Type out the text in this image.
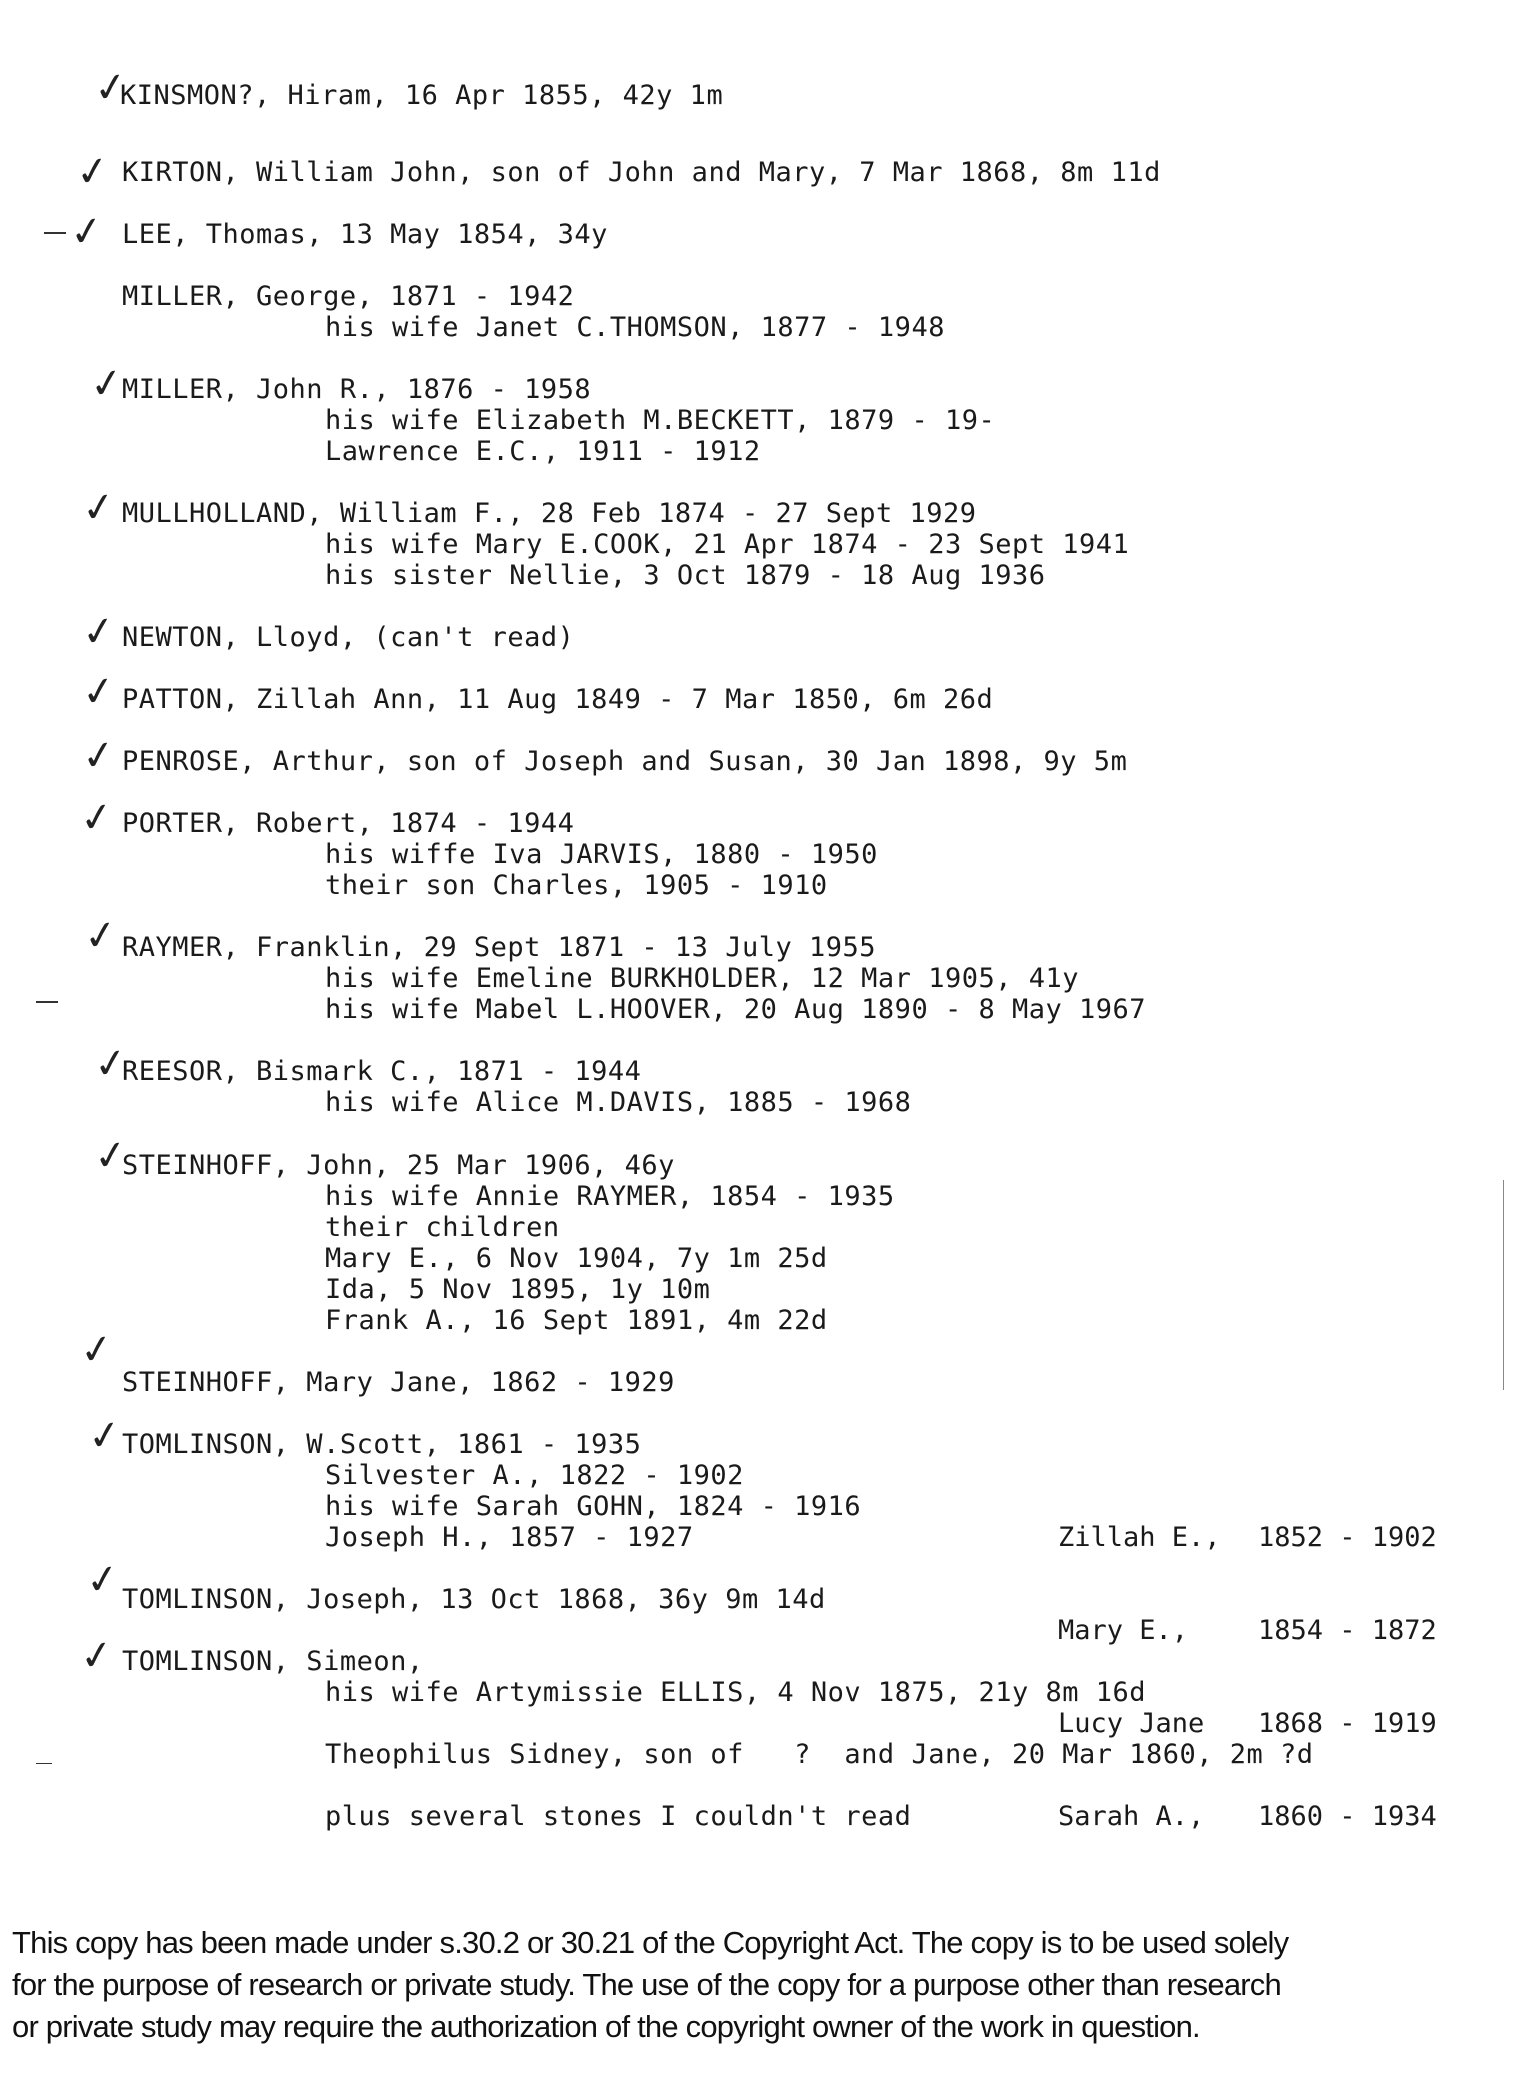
✓
KINSMON?, Hiram, 16 Apr 1855, 42y 1m
✓ KIRTON, William John, son of John and Mary, 7 Mar 1868, 8m 11d
✓ LEE, Thomas, 13 May 1854, 34y
MILLER, George, 1871 - 1942
his wife Janet C.THOMSON, 1877 - 1948
✓
MILLER, John R., 1876 - 1958
his wife Elizabeth M.BECKETT, 1879 - 19-
Lawrence E.C., 1911 - 1912
✓ MULLHOLLAND, William F., 28 Feb 1874 - 27 Sept 1929
his wife Mary E.COOK, 21 Apr 1874 - 23 Sept 1941
his sister Nellie, 3 Oct 1879 - 18 Aug 1936
✓ NEWTON, Lloyd, (can't read)
✓ PATTON, Zillah Ann, 11 Aug 1849 - 7 Mar 1850, 6m 26d
✓ PENROSE, Arthur, son of Joseph and Susan, 30 Jan 1898, 9y 5m
✓ PORTER, Robert, 1874 - 1944
his wiffe Iva JARVIS, 1880 - 1950
their son Charles, 1905 - 1910
✓ RAYMER, Franklin, 29 Sept 1871 - 13 July 1955
his wife Emeline BURKHOLDER, 12 Mar 1905, 41y
his wife Mabel L.HOOVER, 20 Aug 1890 - 8 May 1967
✓
REESOR, Bismark C., 1871 - 1944
his wife Alice M.DAVIS, 1885 - 1968
✓
STEINHOFF, John, 25 Mar 1906, 46y
his wife Annie RAYMER, 1854 - 1935
their children
Mary E., 6 Nov 1904, 7y 1m 25d
Ida, 5 Nov 1895, 1y 10m
Frank A., 16 Sept 1891, 4m 22d
✓
STEINHOFF, Mary Jane, 1862 - 1929
✓
TOMLINSON, W.Scott, 1861 - 1935
Silvester A., 1822 - 1902
his wife Sarah GOHN, 1824 - 1916
Joseph H., 1857 - 1927

	Zillah E.,	1852 - 1902

Mary E.,	1854 - 1872

Lucy Jane	1868 - 1919

Sarah A.,	1860 - 1934

✓ TOMLINSON, Joseph, 13 Oct 1868, 36y 9m 14d
✓ TOMLINSON, Simeon,
his wife Artymissie ELLIS, 4 Nov 1875, 21y 8m 16d
Theophilus Sidney, son of   ?  and Jane, 20 Mar 1860, 2m ?d
plus several stones I couldn't read
This copy has been made under s.30.2 or 30.21 of the Copyright Act. The copy is to be used solely
for the purpose of research or private study. The use of the copy for a purpose other than research
or private study may require the authorization of the copyright owner of the work in question.
